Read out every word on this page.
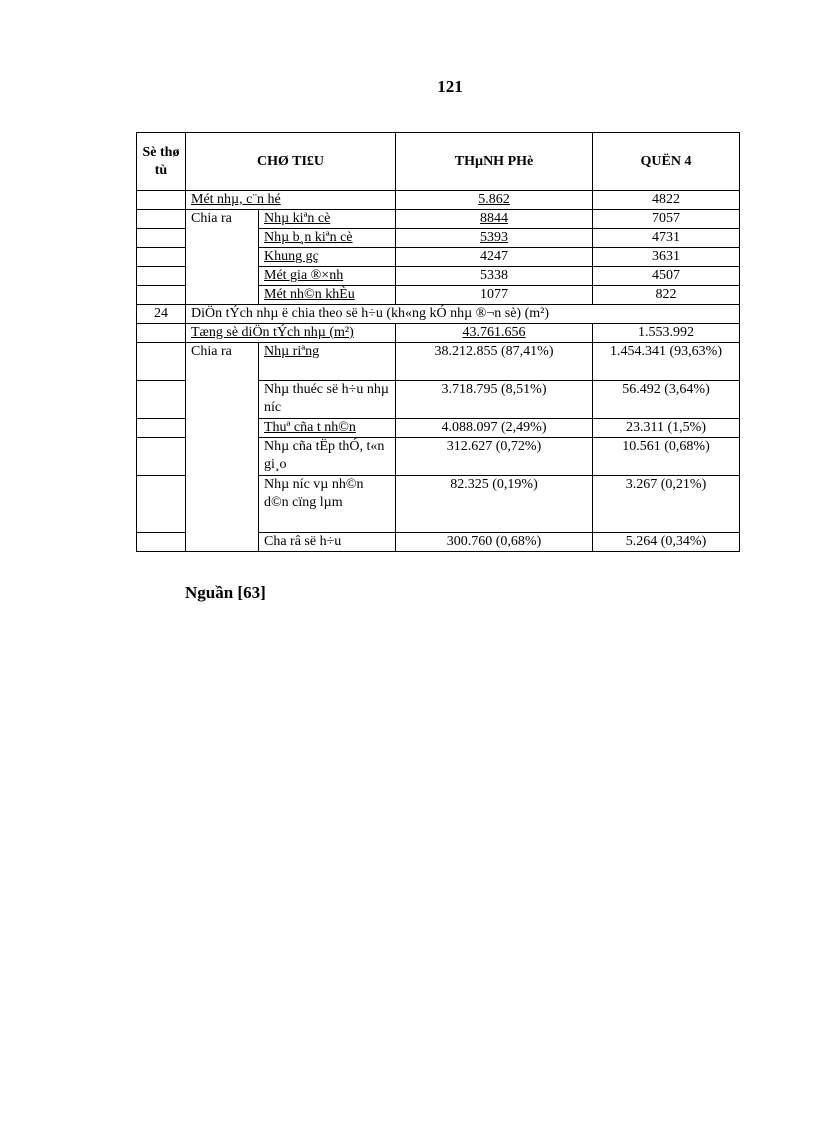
121
Sè thø tù	CHØ TI£U		THµNH PHè	QUËN 4
	Mét nhµ, c¨n hé		5.862	4822
	Chia ra	Nhµ kiªn cè	8844	7057
		Nhµ b¸n kiªn cè	5393	4731
		Khung gç	4247	3631
		Mét gia ®×nh	5338	4507
		Mét nh©n khÈu	1077	822
24	DiÖn tÝch nhµ ë chia theo së h÷u (kh«ng kÓ nhµ ®¬n sè) (m²)			
	Tæng sè diÖn tÝch nhµ (m²)		43.761.656	1.553.992
	Chia ra	Nhµ riªng	38.212.855 (87,41%)	1.454.341 (93,63%)
		Nhµ thuéc së h÷u nhµ níc	3.718.795 (8,51%)	56.492 (3,64%)
		Thuª cña t nh©n	4.088.097 (2,49%)	23.311 (1,5%)
		Nhµ cña tËp thÓ, t«n gi¸o	312.627 (0,72%)	10.561 (0,68%)
		Nhµ níc vµ nh©n d©n cïng lµm	82.325 (0,19%)	3.267 (0,21%)
		Cha râ së h÷u	300.760 (0,68%)	5.264 (0,34%)
Nguần [63]
